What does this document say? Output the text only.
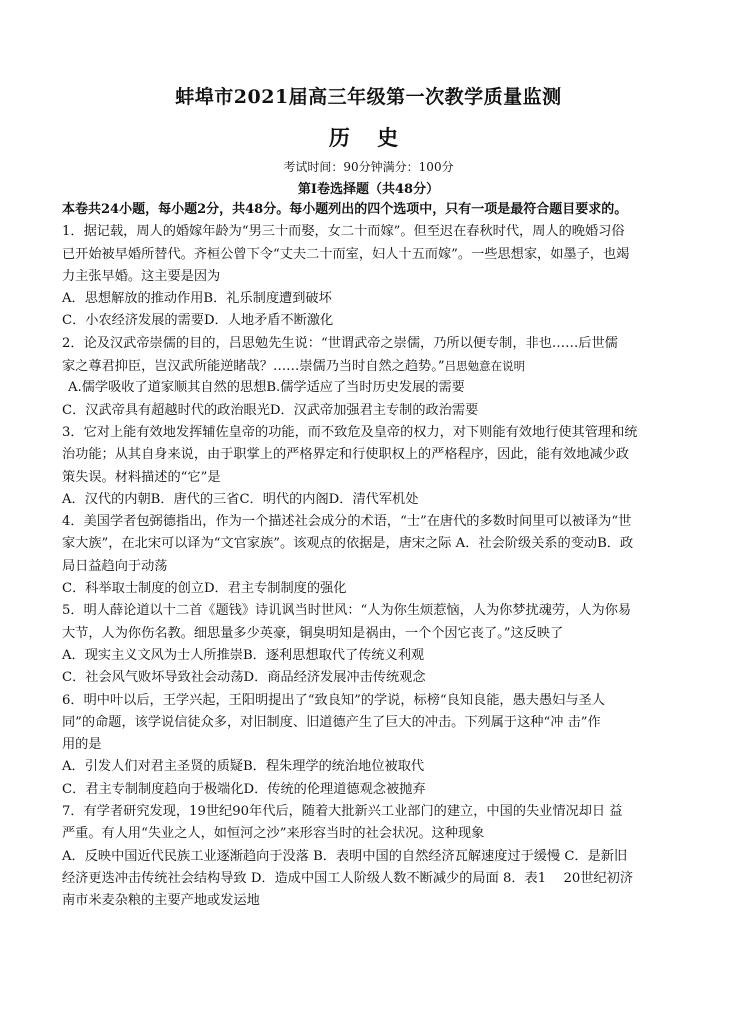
蚌埠市2021届高三年级第一次教学质量监测
历 史
考试时间：90分钟满分：100分
第Ⅰ卷选择题（共48分）
本卷共24小题，每小题2分，共48分。每小题列出的四个选项中，只有一项是最符合题目要求的。
1．据记载，周人的婚嫁年龄为“男三十而娶，女二十而嫁”。但至迟在春秋时代，周人的晚婚习俗
已开始被早婚所替代。齐桓公曾下令“丈夫二十而室，妇人十五而嫁”。一些思想家，如墨子，也竭
力主张早婚。这主要是因为
A．思想解放的推动作用B．礼乐制度遭到破坏
C．小农经济发展的需要D．人地矛盾不断激化
2．论及汉武帝崇儒的目的，吕思勉先生说：“世谓武帝之崇儒，乃所以便专制，非也……后世儒
家之尊君抑臣，岂汉武所能逆睹哉？……崇儒乃当时自然之趋势。”吕思勉意在说明
A.儒学吸收了道家顺其自然的思想B.儒学适应了当时历史发展的需要
C．汉武帝具有超越时代的政治眼光D．汉武帝加强君主专制的政治需要
3．它对上能有效地发挥辅佐皇帝的功能，而不致危及皇帝的权力，对下则能有效地行使其管理和统
治功能；从其自身来说，由于职掌上的严格界定和行使职权上的严格程序，因此，能有效地减少政
策失误。材料描述的“它”是
A．汉代的内朝B．唐代的三省C．明代的内阁D．清代军机处
4．美国学者包弼德指出，作为一个描述社会成分的术语，“士”在唐代的多数时间里可以被译为“世
家大族”，在北宋可以译为“文官家族”。该观点的依据是，唐宋之际 A．社会阶级关系的变动B．政
局日益趋向于动荡
C．科举取士制度的创立D．君主专制制度的强化
5．明人薛论道以十二首《题钱》诗讥讽当时世风：“人为你生烦惹恼，人为你梦扰魂劳，人为你易
大节，人为你伤名教。细思量多少英豪，铜臭明知是祸由，一个个因它丧了。”这反映了
A．现实主义文风为士人所推崇B．逐利思想取代了传统义利观
C．社会风气败坏导致社会动荡D．商品经济发展冲击传统观念
6．明中叶以后，王学兴起，王阳明提出了“致良知”的学说，标榜“良知良能，愚夫愚妇与圣人
同”的命题，该学说信徒众多，对旧制度、旧道德产生了巨大的冲击。下列属于这种“冲 击”作
用的是
A．引发人们对君主圣贤的质疑B．程朱理学的统治地位被取代
C．君主专制制度趋向于极端化D．传统的伦理道德观念被抛弃
7．有学者研究发现，19世纪90年代后，随着大批新兴工业部门的建立，中国的失业情况却日 益
严重。有人用“失业之人，如恒河之沙”来形容当时的社会状况。这种现象
A．反映中国近代民族工业逐渐趋向于没落 B．表明中国的自然经济瓦解速度过于缓慢 C．是新旧
经济更迭冲击传统社会结构导致 D．造成中国工人阶级人数不断减少的局面 8．表1　 20世纪初济
南市米麦杂粮的主要产地或发运地
